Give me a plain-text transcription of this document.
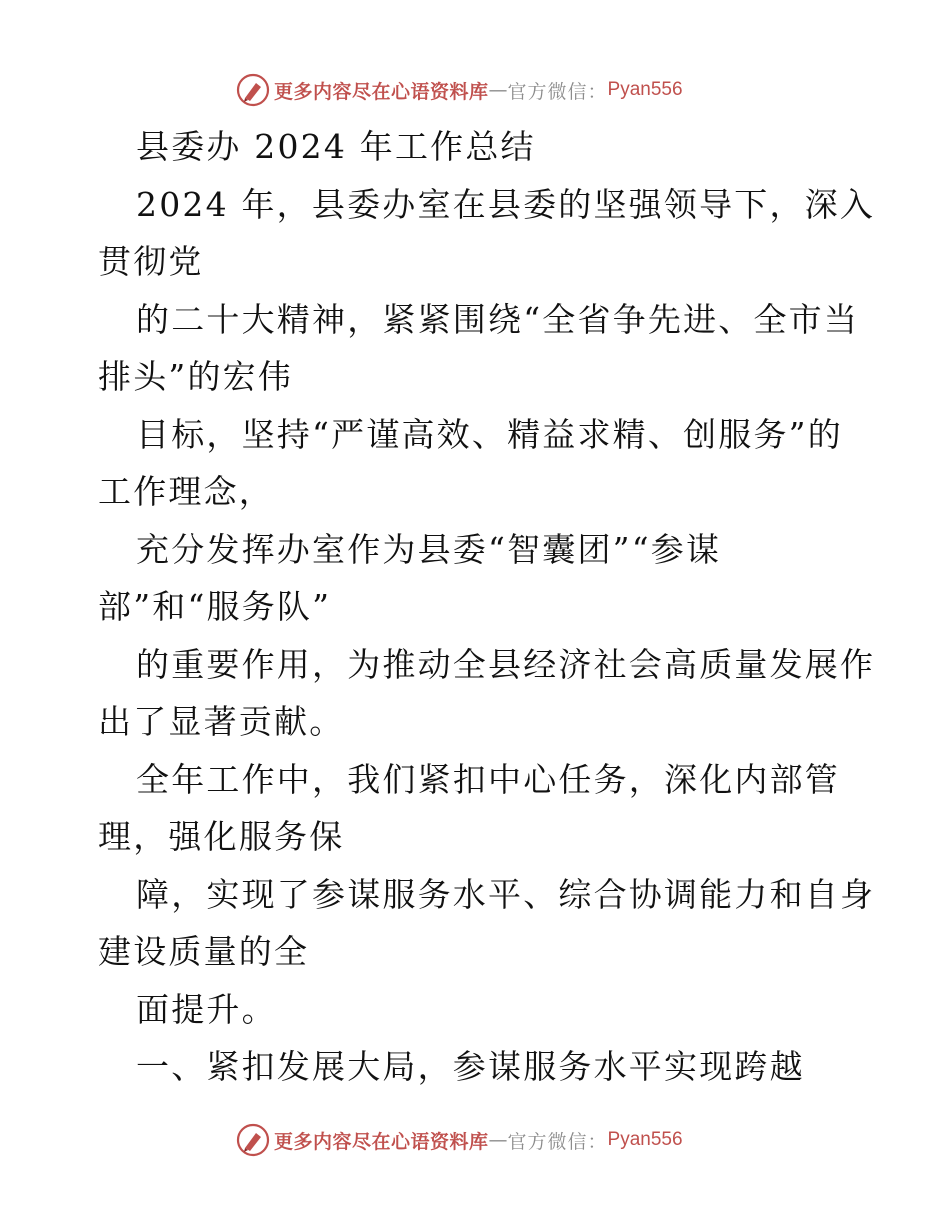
更多内容尽在心语资料库 — 官方微信： Pyan556
县委办 2024 年工作总结
2024 年，县委办室在县委的坚强领导下，深入
贯彻党
的二十大精神，紧紧围绕“全省争先进、全市当
排头”的宏伟
目标，坚持“严谨高效、精益求精、创服务”的
工作理念，
充分发挥办室作为县委“智囊团”“参谋
部”和“服务队”
的重要作用，为推动全县经济社会高质量发展作
出了显著贡献。
全年工作中，我们紧扣中心任务，深化内部管
理，强化服务保
障，实现了参谋服务水平、综合协调能力和自身
建设质量的全
面提升。
一、紧扣发展大局，参谋服务水平实现跨越
更多内容尽在心语资料库 — 官方微信： Pyan556
